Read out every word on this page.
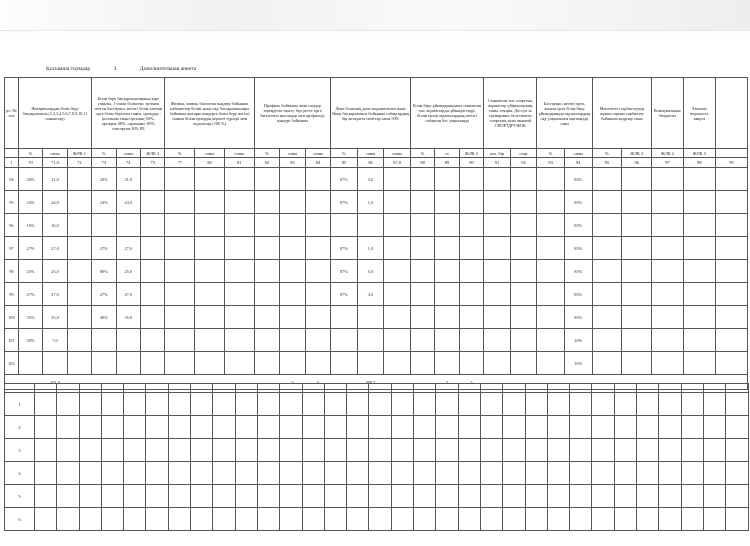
Қосымша толмдар	3	Дополнительная анкета

р/с № п/п	Жоғарғылардан білім беру бағдарламасы (1,2,3,4,5,6,7,8,9,10,11 сыныптар)			Білім беру бағдарламаларына кіре уақыты, 1-сінші білімгенс тұтімен игеген бастауыш, негізгі білім алатын орта білім берілген таңғы, іргеңдер - қосымша таңы орталық-50%, ортаңғы-40%, сараманы -85% сенсортан-30% РБ			Физика, химия, биология пәндері бойынша кабинеттер білімі және оқу бағдарламалары бойынша жоғары пәндерге білім беру негізгі сынып білімгерлердің керекті түрлері мен оқушылар (100 %)			Профиль бойынша жеке пәндер тереңдетіп оқыту, бұл ретте орта бағыттағы нысандар мен профильді пәндері бойынша			Дене білімінің дене мәдениетінен және Өнер бағдарламасы бойынша сабақтардың бір аптадағы сағаттар саны 50%			Білім беру ұйымдарындағы сыныптан тыс жұмыстарды ұйымдастыру, білімгерлер оқушылардың негізгі сабақтан бос уақытында			Сыныптан тыс спорттық жұмыстар үйірмелерінің саны, секция, Доступ за тренировки белгіленген спорттық залы занятий СПОРТДРУЖОК		Бастауыш, негізгі орта, жалпы орта білім беру ұйымдарында оқушылардың оқу уақытымен оқитындар саны		Мектептегі тәрбиелеудің жұмыстарына тәрбиелеу бойынша кадрлар саны		Коммунальные бюджеты	Автомат, ведомость кварта	
	%	саны	ЖЛК 1	%	саны	ЖЛК 2	%	саны	сомы	%	саны	сомы	%	саны	сомы	%	ст	ЖЛК 2	кол. бір	соңғ	%	саны	%	ЖЛК 2	ЖЛК 2	ЖЛК 3	
1	70	71,0	72	73	74	75	77	80	81	82	83	84	85	86	87,0	88	89	90	91	92	93	94	95	96	97	98	99
94	20%	21,0		20%	21,0								87%	3,0								83%					
95	24%	24,0		24%	24,0								87%	1,0								83%					
96	16%	16,0																				83%					
97	27%	27,0		27%	27,0								87%	1,0								83%					
98	25%	25,0		80%	25,0								87%	5,0								83%					
99	27%	27,0		27%	27,0								87%	4,0								83%					
100	35%	35,0		40%	35,0																	83%					
101	50%	7,0																				10%					
102																						10%					
		201,0									0	0		499,5			5	5									

1																																
2																																
3																																
4																																
5																																
6																																
